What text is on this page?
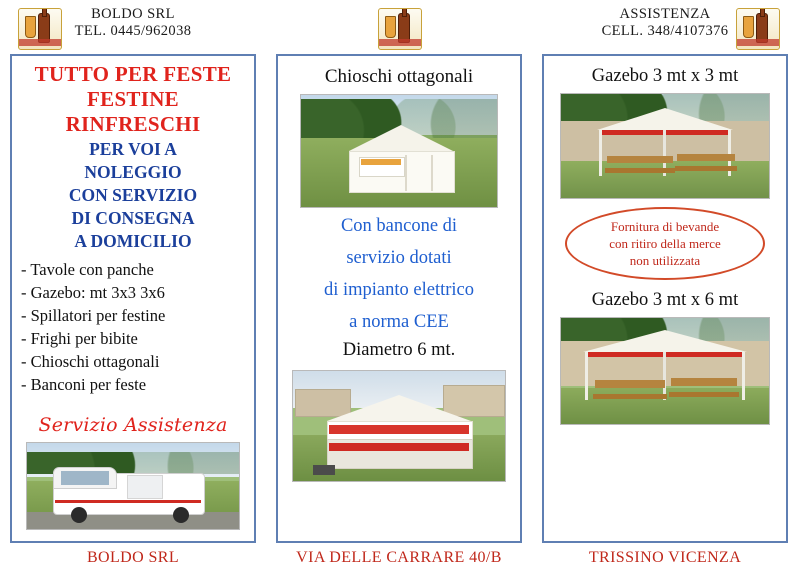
BOLDO SRL
TEL. 0445/962038
TUTTO PER FESTE
FESTINE
RINFRESCHI
PER VOI A
NOLEGGIO
CON SERVIZIO
DI CONSEGNA
A DOMICILIO
- Tavole con panche
- Gazebo: mt 3x3 3x6
- Spillatori per festine
- Frighi per bibite
- Chioschi ottagonali
- Banconi per feste
Servizio Assistenza
BOLDO SRL
Chioschi ottagonali
Con bancone di
servizio dotati
di impianto elettrico
a norma CEE
Diametro 6 mt.
VIA DELLE CARRARE 40/B
ASSISTENZA
CELL. 348/4107376
Gazebo 3 mt x 3 mt
Fornitura di bevande
con ritiro della merce
non utilizzata
Gazebo 3 mt x 6 mt
TRISSINO VICENZA
